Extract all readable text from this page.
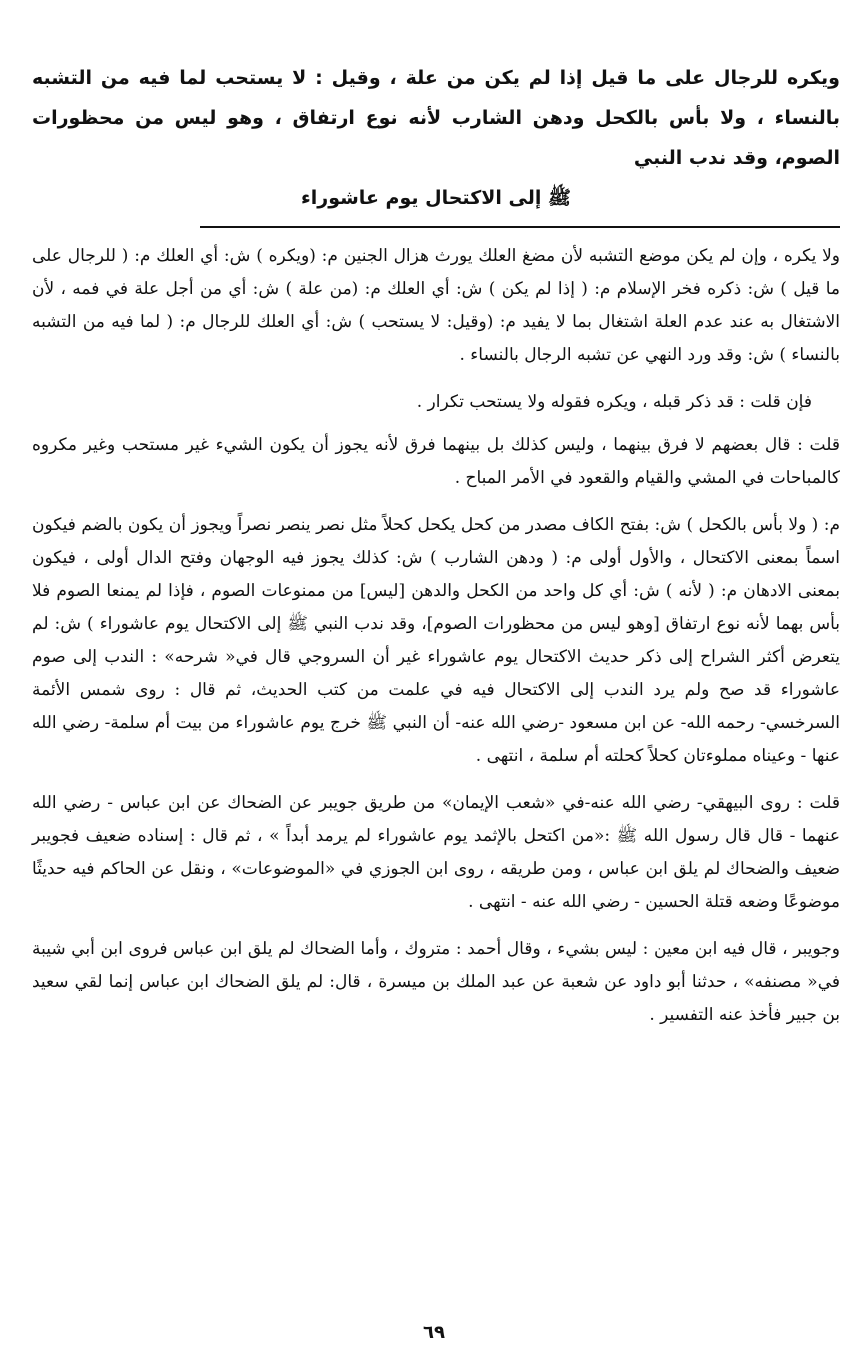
ويكره للرجال على ما قيل إذا لم يكن من علة ، وقيل : لا يستحب لما فيه من التشبه بالنساء ، ولا بأس بالكحل ودهن الشارب لأنه نوع ارتفاق ، وهو ليس من محظورات الصوم، وقد ندب النبي
ﷺ إلى الاكتحال يوم عاشوراء

ولا يكره ، وإن لم يكن موضع التشبه لأن مضغ العلك يورث هزال الجنين م: (ويكره ) ش: أي العلك م: ( للرجال على ما قيل ) ش: ذكره فخر الإسلام م: ( إذا لم يكن ) ش: أي العلك م: (من علة ) ش: أي من أجل علة في فمه ، لأن الاشتغال به عند عدم العلة اشتغال بما لا يفيد م: (وقيل: لا يستحب ) ش: أي العلك للرجال م: ( لما فيه من التشبه بالنساء ) ش: وقد ورد النهي عن تشبه الرجال بالنساء .

فإن قلت : قد ذكر قبله ، ويكره فقوله ولا يستحب تكرار .

قلت : قال بعضهم لا فرق بينهما ، وليس كذلك بل بينهما فرق لأنه يجوز أن يكون الشيء غير مستحب وغير مكروه كالمباحات في المشي والقيام والقعود في الأمر المباح .

م: ( ولا بأس بالكحل ) ش: بفتح الكاف مصدر من كحل يكحل كحلاً مثل نصر ينصر نصراً ويجوز أن يكون بالضم فيكون اسماً بمعنى الاكتحال ، والأول أولى م: ( ودهن الشارب ) ش: كذلك يجوز فيه الوجهان وفتح الدال أولى ، فيكون بمعنى الادهان م: ( لأنه ) ش: أي كل واحد من الكحل والدهن [ليس] من ممنوعات الصوم ، فإذا لم يمنعا الصوم فلا بأس بهما لأنه نوع ارتفاق [وهو ليس من محظورات الصوم]، وقد ندب النبي ﷺ إلى الاكتحال يوم عاشوراء ) ش: لم يتعرض أكثر الشراح إلى ذكر حديث الاكتحال يوم عاشوراء غير أن السروجي قال في« شرحه» : الندب إلى صوم عاشوراء قد صح ولم يرد الندب إلى الاكتحال فيه في علمت من كتب الحديث، ثم قال : روى شمس الأئمة السرخسي- رحمه الله- عن ابن مسعود -رضي الله عنه- أن النبي ﷺ خرج يوم عاشوراء من بيت أم سلمة- رضي الله عنها - وعيناه مملوءتان كحلاً كحلته أم سلمة ، انتهى .

قلت : روى البيهقي- رضي الله عنه-في «شعب الإيمان» من طريق جويبر عن الضحاك عن ابن عباس - رضي الله عنهما - قال قال رسول الله ﷺ :«من اكتحل بالإثمد يوم عاشوراء لم يرمد أبداً » ، ثم قال : إسناده ضعيف فجويبر ضعيف والضحاك لم يلق ابن عباس ، ومن طريقه ، روى ابن الجوزي في «الموضوعات» ، ونقل عن الحاكم فيه حديثًا موضوعًا وضعه قتلة الحسين - رضي الله عنه - انتهى .

وجويبر ، قال فيه ابن معين : ليس بشيء ، وقال أحمد : متروك ، وأما الضحاك لم يلق ابن عباس فروى ابن أبي شيبة في« مصنفه» ، حدثنا أبو داود عن شعبة عن عبد الملك بن ميسرة ، قال: لم يلق الضحاك ابن عباس إنما لقي سعيد بن جبير فأخذ عنه التفسير .

٦٩
